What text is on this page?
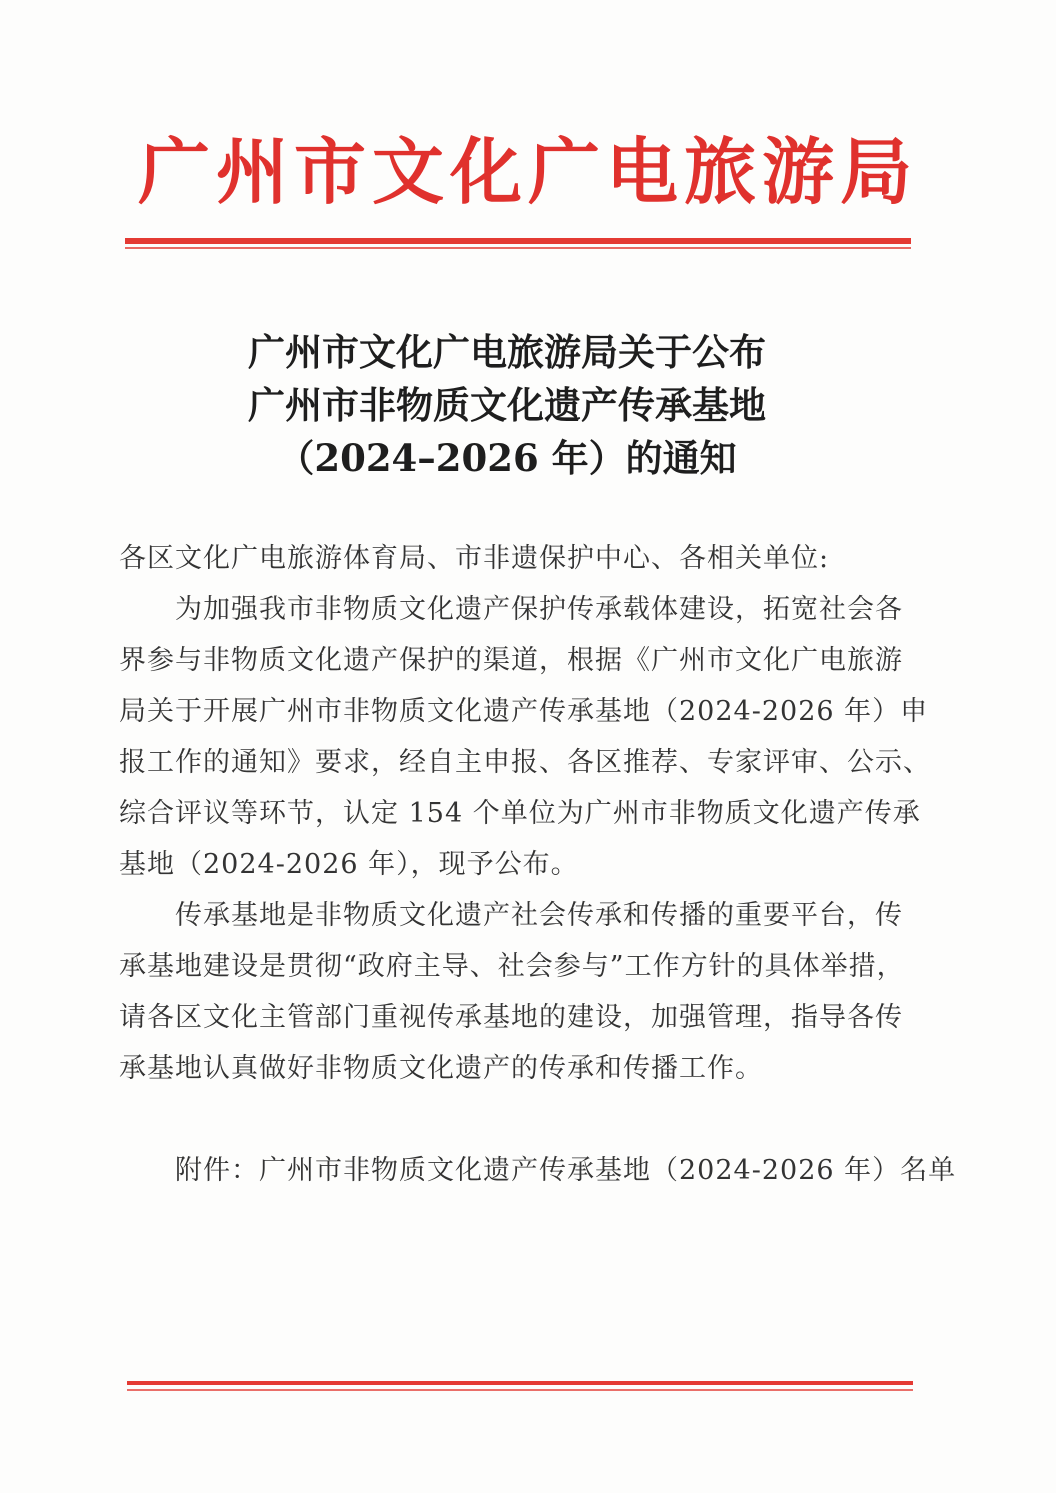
广州市文化广电旅游局
广州市文化广电旅游局关于公布
广州市非物质文化遗产传承基地
（2024–2026 年）的通知
各区文化广电旅游体育局、市非遗保护中心、各相关单位:
为加强我市非物质文化遗产保护传承载体建设，拓宽社会各
界参与非物质文化遗产保护的渠道，根据《广州市文化广电旅游
局关于开展广州市非物质文化遗产传承基地（2024-2026 年）申
报工作的通知》要求，经自主申报、各区推荐、专家评审、公示、
综合评议等环节，认定 154 个单位为广州市非物质文化遗产传承
基地（2024-2026 年），现予公布。
传承基地是非物质文化遗产社会传承和传播的重要平台，传
承基地建设是贯彻“政府主导、社会参与”工作方针的具体举措，
请各区文化主管部门重视传承基地的建设，加强管理，指导各传
承基地认真做好非物质文化遗产的传承和传播工作。
附件：广州市非物质文化遗产传承基地（2024-2026 年）名单
